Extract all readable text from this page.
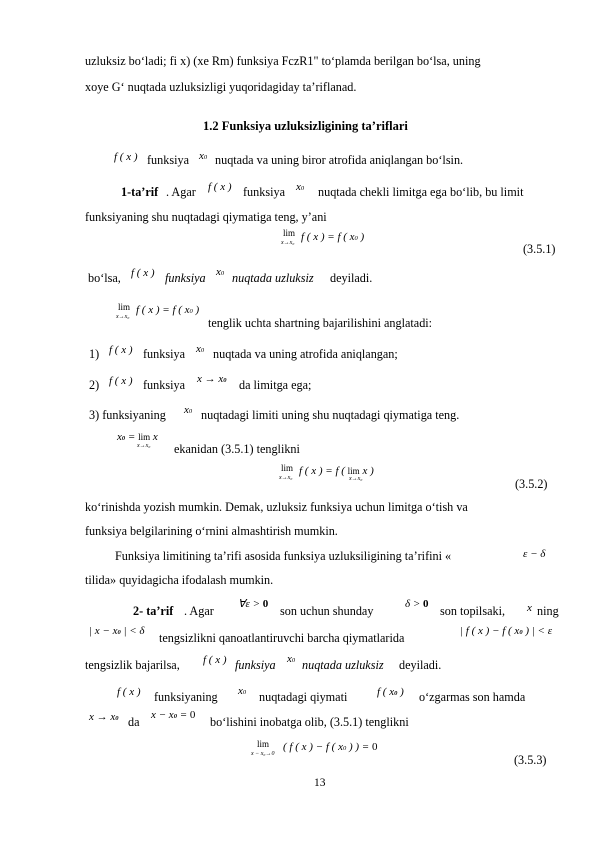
uzluksiz bo‘ladi; fi x) (xe Rm) funksiya FczR1" to‘plamda berilgan bo‘lsa, uning
xoye G‘ nuqtada uzluksizligi yuqoridagiday ta’riflanad.
1.2 Funksiya uzluksizligining ta’riflari
f ( x ) funksiya x0 nuqtada va uning biror atrofida aniqlangan bo‘lsin.
1-ta’rif . Agar f ( x ) funksiya x0 nuqtada chekli limitga ega bo‘lib, bu limit
funksiyaning shu nuqtadagi qiymatiga teng, y’ani
lim
x→x₀ f ( x ) = f ( x0 )
(3.5.1)
bo‘lsa, f ( x ) funksiya x0 nuqtada uzluksiz deyiladi.
lim
x→x₀
f ( x ) = f ( x0 )
tenglik uchta shartning bajarilishini anglatadi:
1) f ( x ) funksiya x0 nuqtada va uning atrofida aniqlangan;
2) f ( x ) funksiya x → x0 da limitga ega;
3) funksiyaning x0 nuqtadagi limiti uning shu nuqtadagi qiymatiga teng.
x0 = lim x
x→x₀ ekanidan (3.5.1) tenglikni
lim
x→x₀
f ( x ) = f ( lim x )
x→x₀	(3.5.2)
ko‘rinishda yozish mumkin. Demak, uzluksiz funksiya uchun limitga o‘tish va
funksiya belgilarining o‘rnini almashtirish mumkin.
Funksiya limitining ta’rifi asosida funksiya uzluksiligining ta’rifini «	ε − δ
tilida» quyidagicha ifodalash mumkin.
2- ta’rif . Agar ∀ε > 0 son uchun shunday	δ > 0 son topilsaki, x ning
| x − x0 | < δ tengsizlikni qanoatlantiruvchi barcha qiymatlarida	| f ( x ) − f ( x0 ) | < ε
tengsizlik bajarilsa, f ( x ) funksiya x0 nuqtada uzluksiz deyiladi.
f ( x ) funksiyaning x0 nuqtadagi qiymati	f ( x0 ) o‘zgarmas son hamda
x → x0 da x − x0 = 0 bo‘lishini inobatga olib, (3.5.1) tenglikni
lim
x − x₀→0
( f ( x ) − f ( x0 ) ) = 0
(3.5.3)
13
